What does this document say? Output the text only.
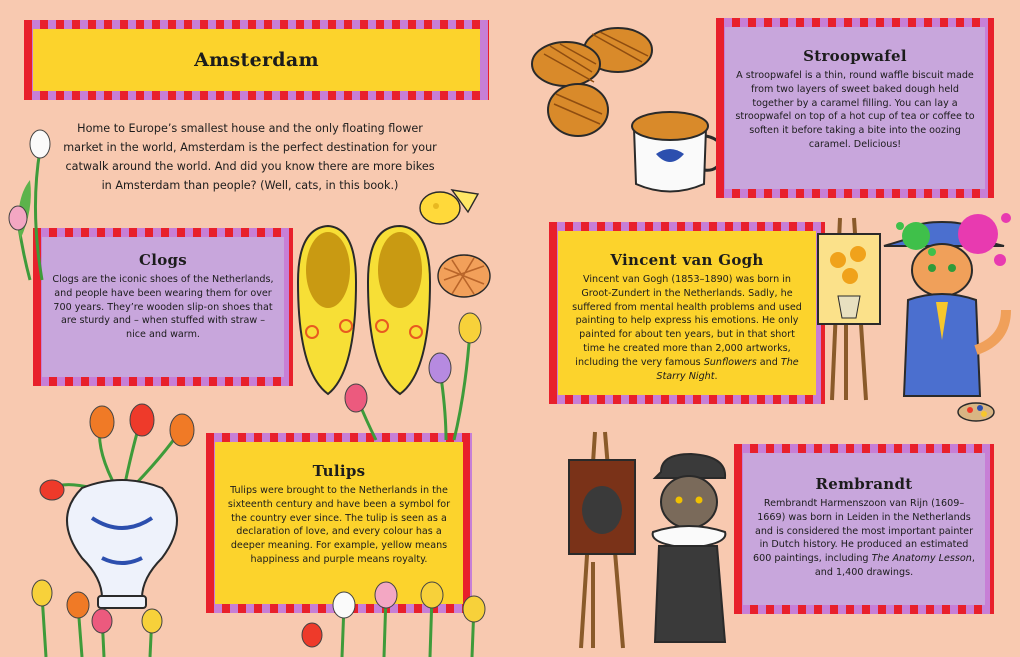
Amsterdam
Home to Europe’s smallest house and the only floating flower market in the world, Amsterdam is the perfect destination for your catwalk around the world. And did you know there are more bikes in Amsterdam than people? (Well, cats, in this book.)
Clogs
Clogs are the iconic shoes of the Netherlands, and people have been wearing them for over 700 years. They’re wooden slip-on shoes that are sturdy and – when stuffed with straw – nice and warm.
Tulips
Tulips were brought to the Netherlands in the sixteenth century and have been a symbol for the country ever since. The tulip is seen as a declaration of love, and every colour has a deeper meaning. For example, yellow means happiness and purple means royalty.
Stroopwafel
A stroopwafel is a thin, round waffle biscuit made from two layers of sweet baked dough held together by a caramel filling. You can lay a stroopwafel on top of a hot cup of tea or coffee to soften it before taking a bite into the oozing caramel. Delicious!
Vincent van Gogh
Vincent van Gogh (1853–1890) was born in Groot-Zundert in the Netherlands. Sadly, he suffered from mental health problems and used painting to help express his emotions. He only painted for about ten years, but in that short time he created more than 2,000 artworks, including the very famous Sunflowers and The Starry Night.
Rembrandt
Rembrandt Harmenszoon van Rijn (1609–1669) was born in Leiden in the Netherlands and is considered the most important painter in Dutch history. He produced an estimated 600 paintings, including The Anatomy Lesson, and 1,400 drawings.
